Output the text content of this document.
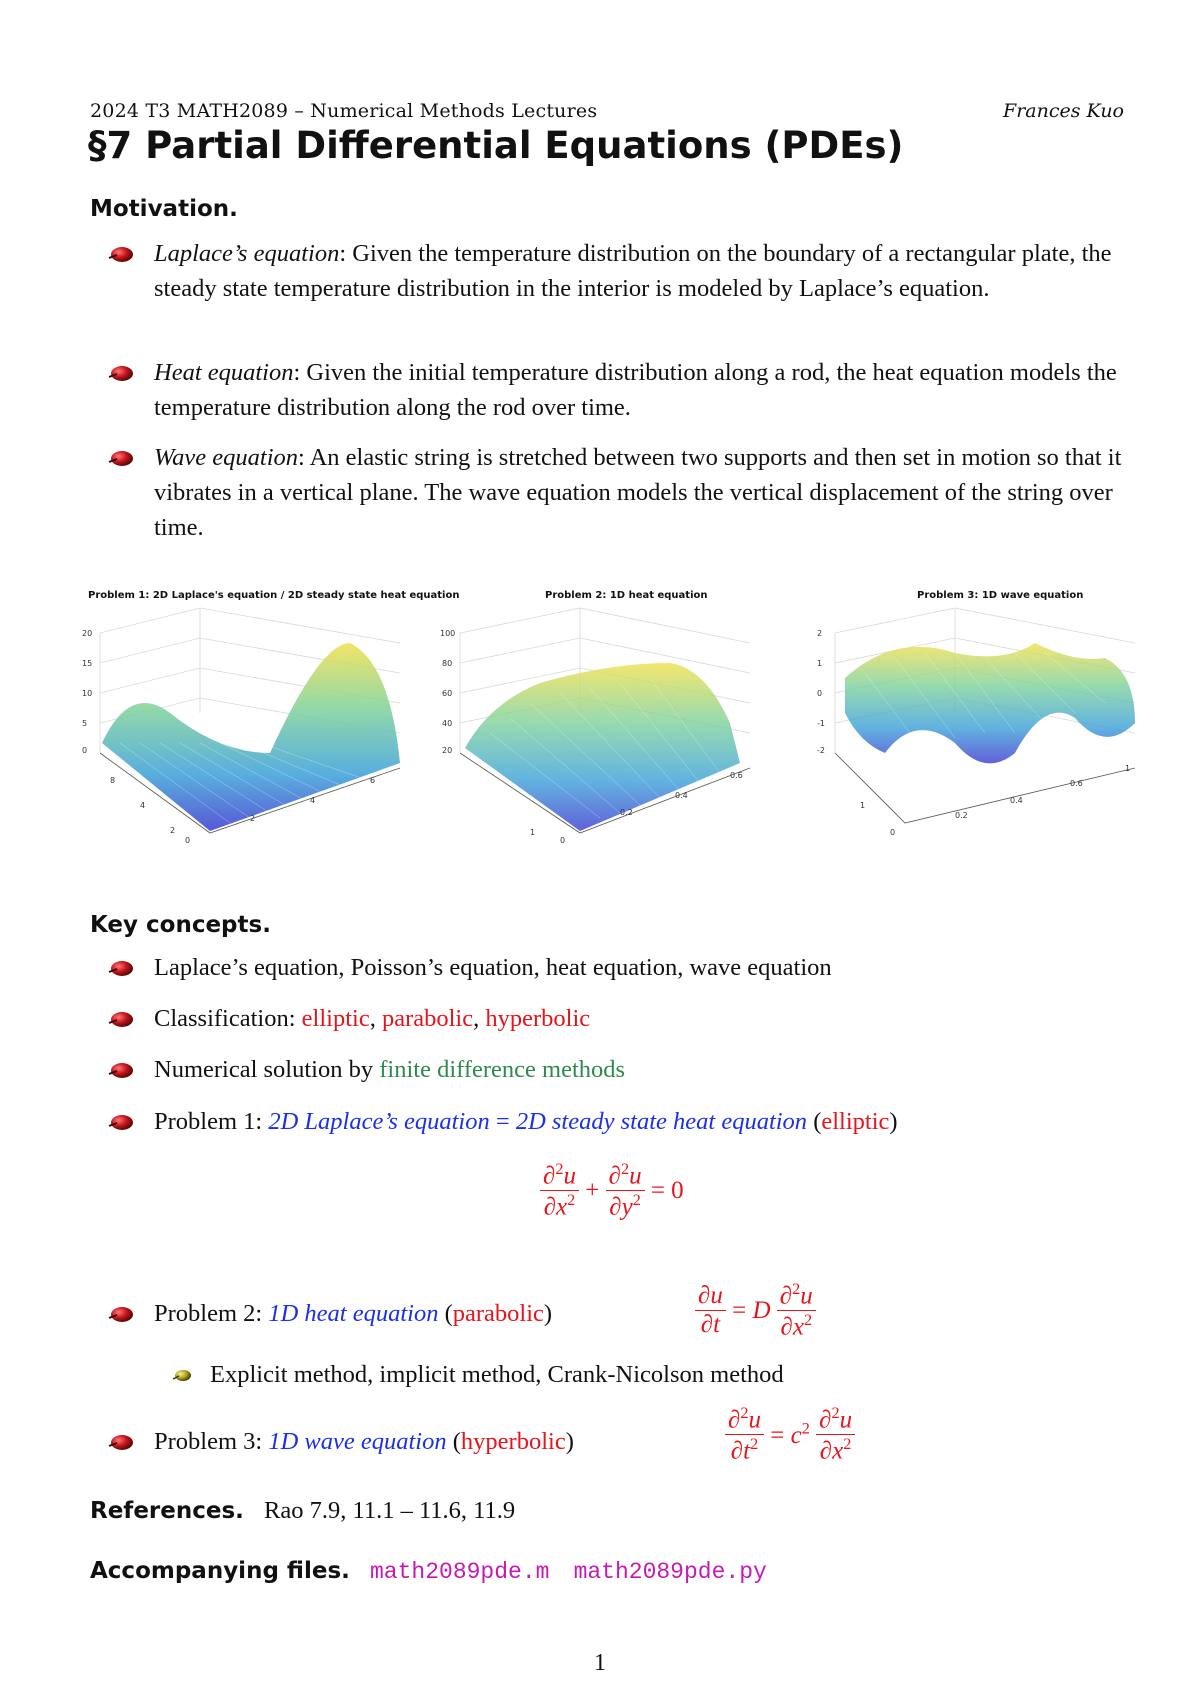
2024 T3 MATH2089 – Numerical Methods Lectures	Frances Kuo
§7 Partial Differential Equations (PDEs)
Motivation.
Laplace’s equation: Given the temperature distribution on the boundary of a rectangular plate, the steady state temperature distribution in the interior is modeled by Laplace’s equation.
Heat equation: Given the initial temperature distribution along a rod, the heat equation models the temperature distribution along the rod over time.
Wave equation: An elastic string is stretched between two supports and then set in motion so that it vibrates in a vertical plane. The wave equation models the vertical displacement of the string over time.
Problem 1: 2D Laplace's equation / 2D steady state heat equation
20
15
10
5
0
0
2
4
6
8
4
2
Problem 2: 1D heat equation
100
80
60
40
20
0
0.2
0.4
0.6
1
Problem 3: 1D wave equation
2
1
0
-1
-2
0
0.2
0.4
0.6
1
1
Key concepts.
Laplace’s equation, Poisson’s equation, heat equation, wave equation
Classification: elliptic, parabolic, hyperbolic
Numerical solution by finite difference methods
Problem 1: 2D Laplace’s equation = 2D steady state heat equation (elliptic)
$\frac{\partial^2u}{\partial x^2} + \frac{\partial^2u}{\partial y^2} = 0$
Problem 2: 1D heat equation (parabolic)	$\frac{\partial u}{\partial t} = D \frac{\partial^2u}{\partial x^2}$
Explicit method, implicit method, Crank-Nicolson method
Problem 3: 1D wave equation (hyperbolic)	$\frac{\partial^2u}{\partial t^2} = c^2 \frac{\partial^2u}{\partial x^2}$
References. Rao 7.9, 11.1 – 11.6, 11.9
Accompanying files. math2089pde.m math2089pde.py
1
